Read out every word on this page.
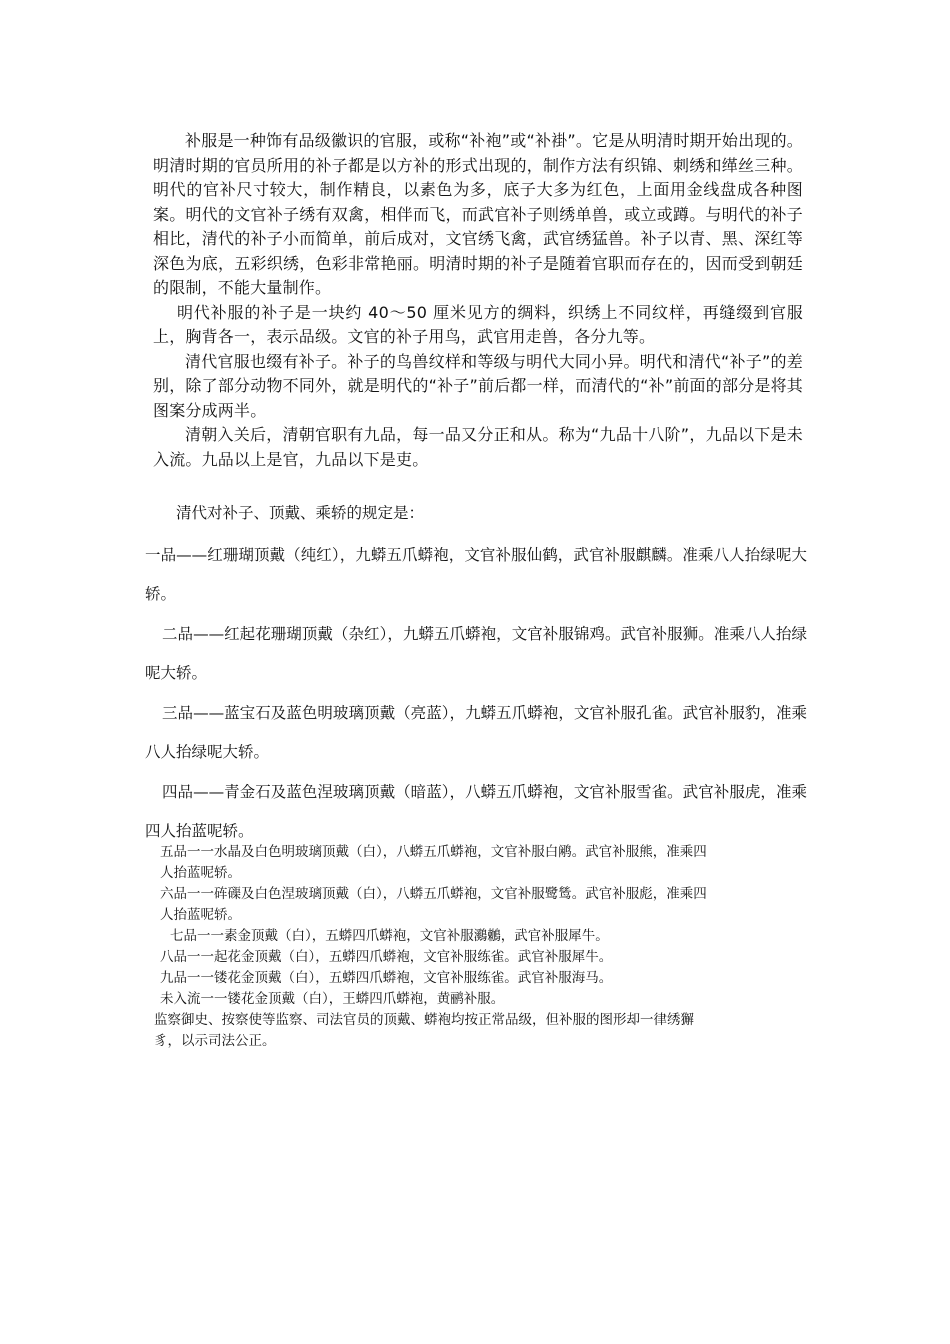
补服是一种饰有品级徽识的官服，或称“补袍”或“补褂”。它是从明清时期开始出现的。明清时期的官员所用的补子都是以方补的形式出现的，制作方法有织锦、刺绣和缂丝三种。明代的官补尺寸较大，制作精良，以素色为多，底子大多为红色，上面用金线盘成各种图案。明代的文官补子绣有双禽，相伴而飞，而武官补子则绣单兽，或立或蹲。与明代的补子相比，清代的补子小而简单，前后成对，文官绣飞禽，武官绣猛兽。补子以青、黑、深红等深色为底，五彩织绣，色彩非常艳丽。明清时期的补子是随着官职而存在的，因而受到朝廷的限制，不能大量制作。

明代补服的补子是一块约 40～50 厘米见方的绸料，织绣上不同纹样，再缝缀到官服上，胸背各一，表示品级。文官的补子用鸟，武官用走兽，各分九等。

清代官服也缀有补子。补子的鸟兽纹样和等级与明代大同小异。明代和清代“补子”的差别，除了部分动物不同外，就是明代的“补子”前后都一样，而清代的“补”前面的部分是将其图案分成两半。

清朝入关后，清朝官职有九品，每一品又分正和从。称为“九品十八阶”，九品以下是未入流。九品以上是官，九品以下是吏。

清代对补子、顶戴、乘轿的规定是：

一品——红珊瑚顶戴（纯红），九蟒五爪蟒袍，文官补服仙鹤，武官补服麒麟。准乘八人抬绿呢大轿。

二品——红起花珊瑚顶戴（杂红），九蟒五爪蟒袍，文官补服锦鸡。武官补服狮。准乘八人抬绿呢大轿。

三品——蓝宝石及蓝色明玻璃顶戴（亮蓝），九蟒五爪蟒袍，文官补服孔雀。武官补服豹，准乘八人抬绿呢大轿。

四品——青金石及蓝色涅玻璃顶戴（暗蓝），八蟒五爪蟒袍，文官补服雪雀。武官补服虎，准乘四人抬蓝呢轿。

五品一一水晶及白色明玻璃顶戴（白），八蟒五爪蟒袍，文官补服白鹇。武官补服熊，准乘四人抬蓝呢轿。

六品一一砗磲及白色涅玻璃顶戴（白），八蟒五爪蟒袍，文官补服鹭鸶。武官补服彪，准乘四人抬蓝呢轿。

七品一一素金顶戴（白），五蟒四爪蟒袍，文官补服鸂鶒，武官补服犀牛。

八品一一起花金顶戴（白），五蟒四爪蟒袍，文官补服练雀。武官补服犀牛。

九品一一镂花金顶戴（白），五蟒四爪蟒袍，文官补服练雀。武官补服海马。

未入流一一镂花金顶戴（白），王蟒四爪蟒袍，黄鹂补服。

监察御史、按察使等监察、司法官员的顶戴、蟒袍均按正常品级，但补服的图形却一律绣獬豸，以示司法公正。
